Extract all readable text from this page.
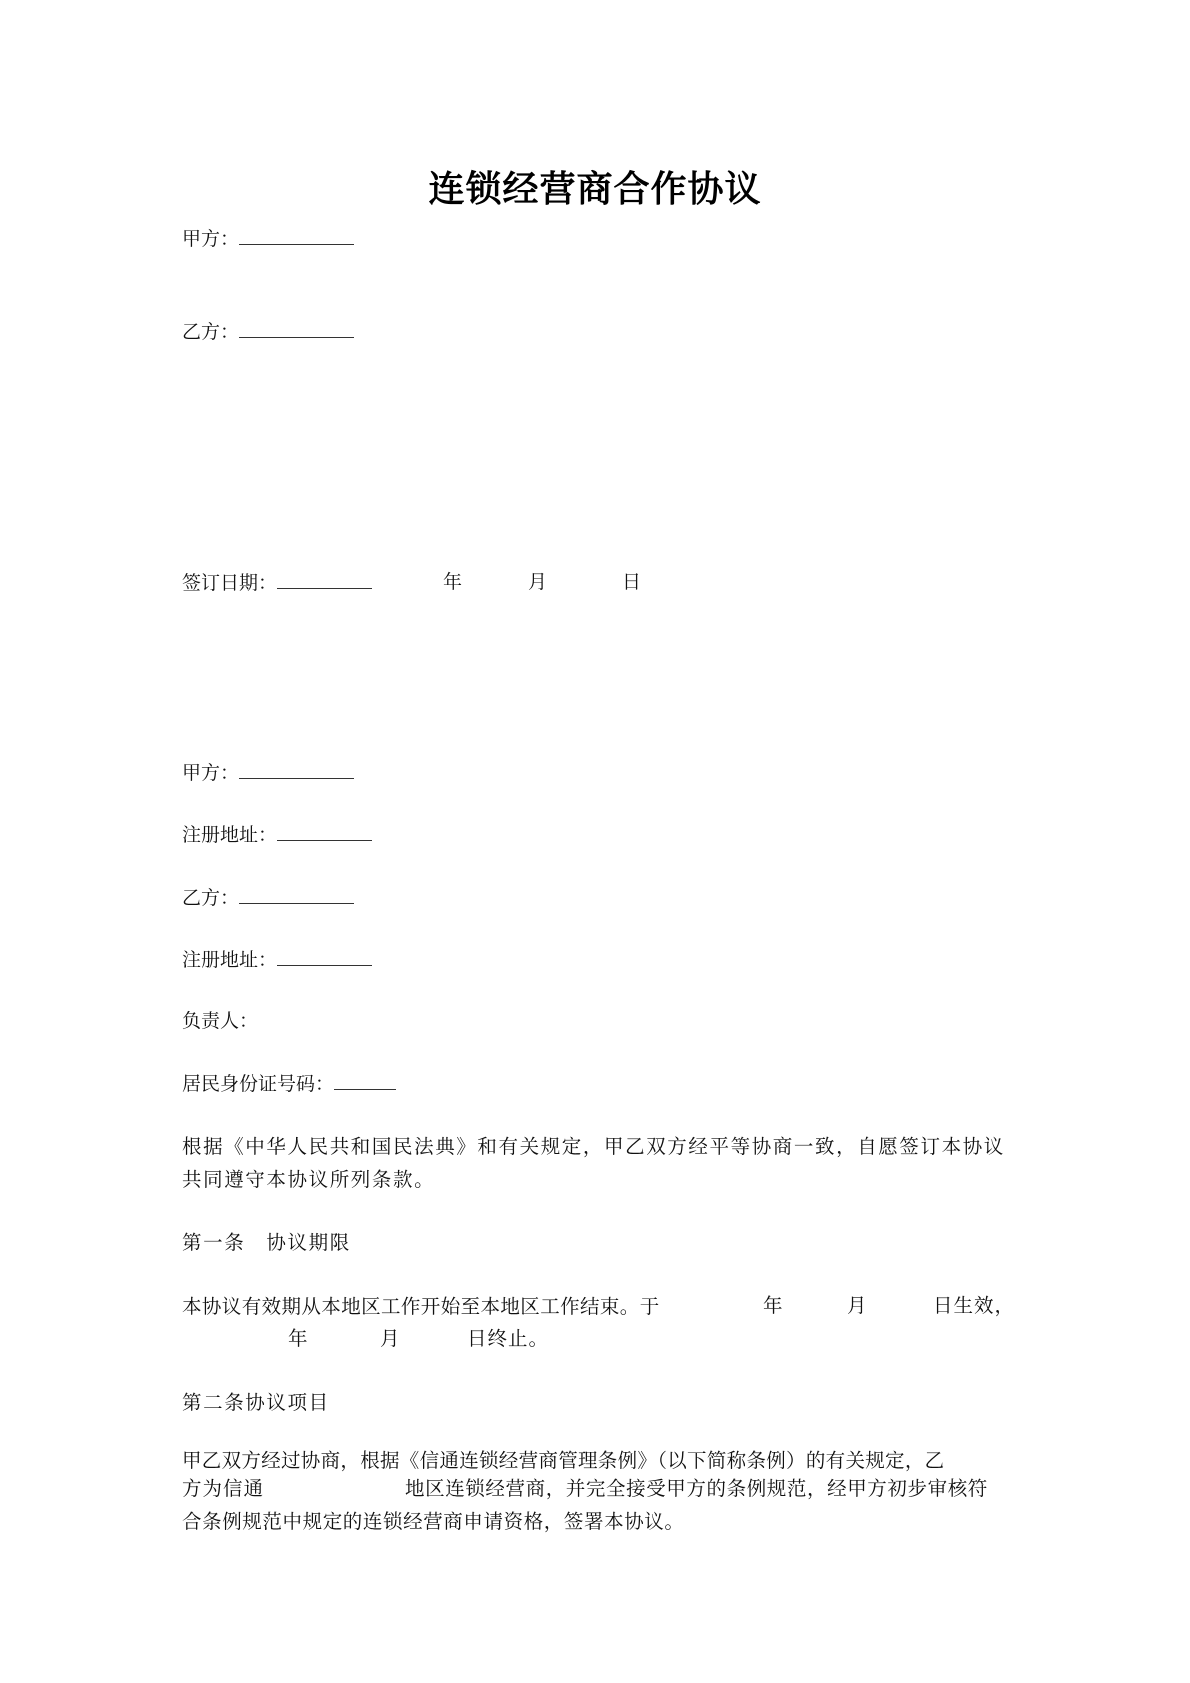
连锁经营商合作协议
甲方：
乙方：
签订日期：	年	月	日
甲方：
注册地址：
乙方：
注册地址：
负责人：
居民身份证号码：

根据《中华人民共和国民法典》和有关规定，甲乙双方经平等协商一致，自愿签订本协议

共同遵守本协议所列条款。

第一条　协议期限

本协议有效期从本地区工作开始至本地区工作结束。于	年	月	日生效，
年	月	日终止。

第二条协议项目

甲乙双方经过协商，根据《信通连锁经营商管理条例》（以下简称条例）的有关规定，乙

方为信通	地区连锁经营商，并完全接受甲方的条例规范，经甲方初步审核符
合条例规范中规定的连锁经营商申请资格，签署本协议。
